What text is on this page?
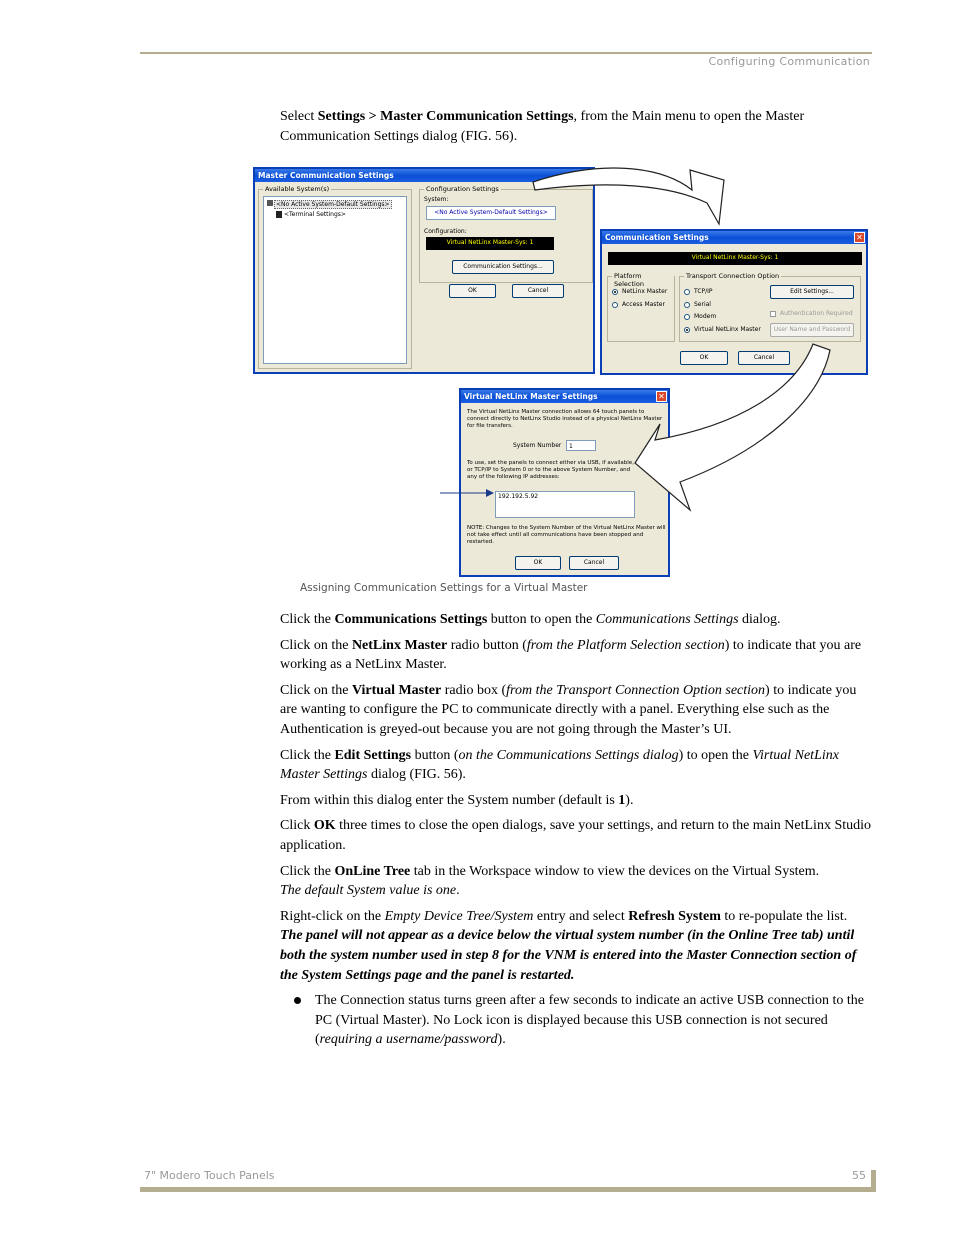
Configuring Communication

Select Settings > Master Communication Settings, from the Main menu to open the Master Communication Settings dialog (FIG. 56).

Master Communication Settings
Available System(s)
<No Active System-Default Settings>
<Terminal Settings>
Configuration Settings
System:
<No Active System-Default Settings>
Configuration:
Virtual NetLinx Master-Sys: 1
Communication Settings...
OK	Cancel
Communication Settings	✕
Virtual NetLinx Master-Sys: 1
Platform Selection
NetLinx Master
Access Master
Transport Connection Option
TCP/IP
Serial
Modem
Virtual NetLinx Master
Edit Settings...
Authentication Required
User Name and Password
OK	Cancel
Virtual NetLinx Master Settings	✕
The Virtual NetLinx Master connection allows 64 touch panels to connect directly to NetLinx Studio instead of a physical NetLinx Master for file transfers.
System Number	1
To use, set the panels to connect either via USB, if available, or TCP/IP to System 0 or to the above System Number, and any of the following IP addresses:
192.192.5.92
NOTE: Changes to the System Number of the Virtual NetLinx Master will not take effect until all communications have been stopped and restarted.
OK	Cancel
Assigning Communication Settings for a Virtual Master

Click the Communications Settings button to open the Communications Settings dialog.

Click on the NetLinx Master radio button (from the Platform Selection section) to indicate that you are working as a NetLinx Master.

Click on the Virtual Master radio box (from the Transport Connection Option section) to indicate you are wanting to configure the PC to communicate directly with a panel. Everything else such as the Authentication is greyed-out because you are not going through the Master’s UI.

Click the Edit Settings button (on the Communications Settings dialog) to open the Virtual NetLinx Master Settings dialog (FIG. 56).

From within this dialog enter the System number (default is 1).

Click OK three times to close the open dialogs, save your settings, and return to the main NetLinx Studio application.

Click the OnLine Tree tab in the Workspace window to view the devices on the Virtual System.
The default System value is one.

Right-click on the Empty Device Tree/System entry and select Refresh System to re-populate the list.

The panel will not appear as a device below the virtual system number (in the Online Tree tab) until both the system number used in step 8 for the VNM is entered into the Master Connection section of the System Settings page and the panel is restarted.

The Connection status turns green after a few seconds to indicate an active USB connection to the PC (Virtual Master). No Lock icon is displayed because this USB connection is not secured (requiring a username/password).
7" Modero Touch Panels	55
